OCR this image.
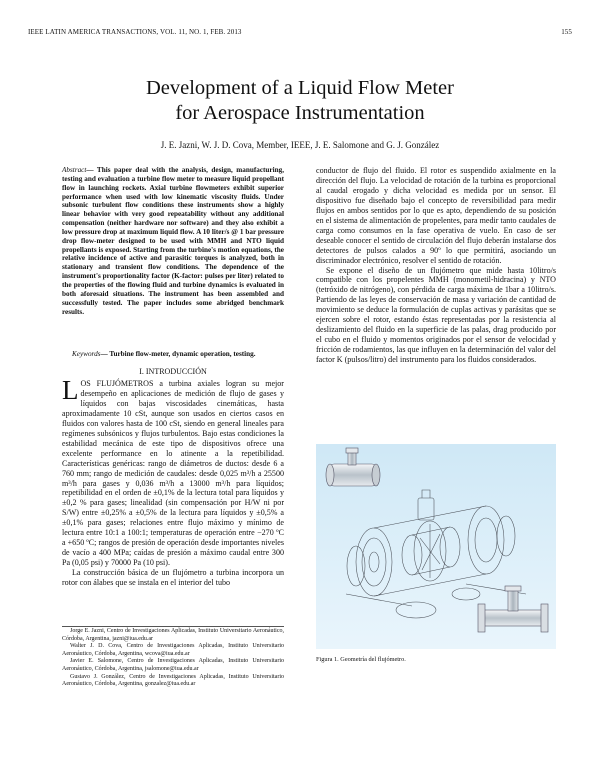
IEEE LATIN AMERICA TRANSACTIONS, VOL. 11, NO. 1, FEB. 2013	155
Development of a Liquid Flow Meter
for Aerospace Instrumentation
J. E. Jazni, W. J. D. Cova, Member, IEEE, J. E. Salomone and G. J. González

Abstract— This paper deal with the analysis, design, manufacturing, testing and evaluation a turbine flow meter to measure liquid propellant flow in launching rockets. Axial turbine flowmeters exhibit superior performance when used with low kinematic viscosity fluids. Under subsonic turbulent flow conditions these instruments show a highly linear behavior with very good repeatability without any additional compensation (neither hardware nor software) and they also exhibit a low pressure drop at maximum liquid flow. A 10 liter/s @ 1 bar pressure drop flow-meter designed to be used with MMH and NTO liquid propellants is exposed. Starting from the turbine's motion equations, the relative incidence of active and parasitic torques is analyzed, both in stationary and transient flow conditions. The dependence of the instrument's proportionality factor (K-factor: pulses per liter) related to the properties of the flowing fluid and turbine dynamics is evaluated in both aforesaid situations. The instrument has been assembled and successfully tested. The paper includes some abridged benchmark results.

Keywords— Turbine flow-meter, dynamic operation, testing.

I. INTRODUCCIÓN

LOS FLUJÓMETROS a turbina axiales logran su mejor desempeño en aplicaciones de medición de flujo de gases y líquidos con bajas viscosidades cinemáticas, hasta aproximadamente 10 cSt, aunque son usados en ciertos casos en fluidos con valores hasta de 100 cSt, siendo en general lineales para regímenes subsónicos y flujos turbulentos. Bajo estas condiciones la estabilidad mecánica de este tipo de dispositivos ofrece una excelente performance en lo atinente a la repetibilidad. Características genéricas: rango de diámetros de ductos: desde 6 a 760 mm; rango de medición de caudales: desde 0,025 m³/h a 25500 m³/h para gases y 0,036 m³/h a 13000 m³/h para líquidos; repetibilidad en el orden de ±0,1% de la lectura total para líquidos y ±0,2 % para gases; linealidad (sin compensación por H/W ni por S/W) entre ±0,25% a ±0,5% de la lectura para líquidos y ±0,5% a ±0,1% para gases; relaciones entre flujo máximo y mínimo de lectura entre 10:1 a 100:1; temperaturas de operación entre −270 ºC a +650 ºC; rangos de presión de operación desde importantes niveles de vacío a 400 MPa; caídas de presión a máximo caudal entre 300 Pa (0,05 psi) y 70000 Pa (10 psi).

La construcción básica de un flujómetro a turbina incorpora un rotor con álabes que se instala en el interior del tubo

Jorge E. Jazni, Centro de Investigaciones Aplicadas, Instituto Universitario Aeronáutico, Córdoba, Argentina, jazni@iua.edu.ar

Walter J. D. Cova, Centro de Investigaciones Aplicadas, Instituto Universitario Aeronáutico, Córdoba, Argentina, wcova@iua.edu.ar

Javier E. Salomone, Centro de Investigaciones Aplicadas, Instituto Universitario Aeronáutico, Córdoba, Argentina, jsalomone@iua.edu.ar

Gustavo J. González, Centro de Investigaciones Aplicadas, Instituto Universitario Aeronáutico, Córdoba, Argentina, gonzalez@iua.edu.ar

conductor de flujo del fluido. El rotor es suspendido axialmente en la dirección del flujo. La velocidad de rotación de la turbina es proporcional al caudal erogado y dicha velocidad es medida por un sensor. El dispositivo fue diseñado bajo el concepto de reversibilidad para medir flujos en ambos sentidos por lo que es apto, dependiendo de su posición en el sistema de alimentación de propelentes, para medir tanto caudales de carga como consumos en la fase operativa de vuelo. En caso de ser deseable conocer el sentido de circulación del flujo deberán instalarse dos detectores de pulsos calados a 90º lo que permitirá, asociando un discriminador electrónico, resolver el sentido de rotación.

Se expone el diseño de un flujómetro que mide hasta 10litro/s compatible con los propelentes MMH (monometil-hidracina) y NTO (tetróxido de nitrógeno), con pérdida de carga máxima de 1bar a 10litro/s. Partiendo de las leyes de conservación de masa y variación de cantidad de movimiento se deduce la formulación de cuplas activas y parásitas que se ejercen sobre el rotor, estando éstas representadas por la resistencia al deslizamiento del fluido en la superficie de las palas, drag producido por el cubo en el fluido y momentos originados por el sensor de velocidad y fricción de rodamientos, las que influyen en la determinación del valor del factor K (pulsos/litro) del instrumento para los fluidos considerados.

Figura 1. Geometría del flujómetro.
